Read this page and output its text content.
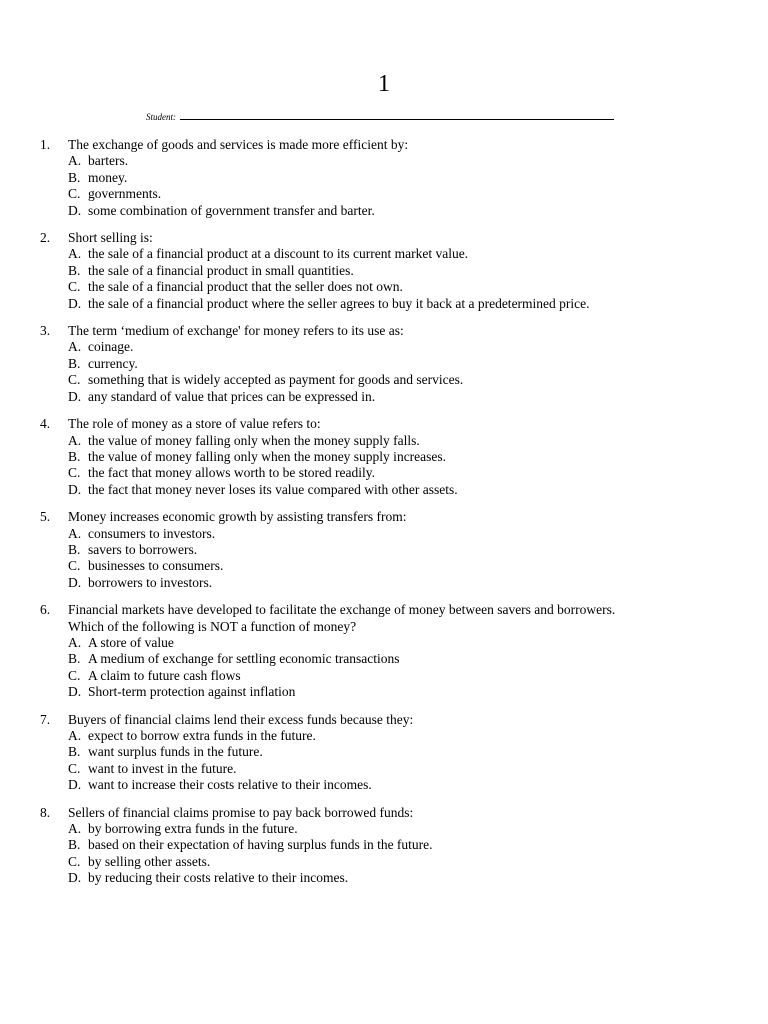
1
Student:
1.	The exchange of goods and services is made more efficient by:
A. barters.
B. money.
C. governments.
D. some combination of government transfer and barter.
2.	Short selling is:
A. the sale of a financial product at a discount to its current market value.
B. the sale of a financial product in small quantities.
C. the sale of a financial product that the seller does not own.
D. the sale of a financial product where the seller agrees to buy it back at a predetermined price.
3.	The term ‘medium of exchange' for money refers to its use as:
A. coinage.
B. currency.
C. something that is widely accepted as payment for goods and services.
D. any standard of value that prices can be expressed in.
4.	The role of money as a store of value refers to:
A. the value of money falling only when the money supply falls.
B. the value of money falling only when the money supply increases.
C. the fact that money allows worth to be stored readily.
D. the fact that money never loses its value compared with other assets.
5.	Money increases economic growth by assisting transfers from:
A. consumers to investors.
B. savers to borrowers.
C. businesses to consumers.
D. borrowers to investors.
6.	Financial markets have developed to facilitate the exchange of money between savers and borrowers.
Which of the following is NOT a function of money?
A. A store of value
B. A medium of exchange for settling economic transactions
C. A claim to future cash flows
D. Short-term protection against inflation
7.	Buyers of financial claims lend their excess funds because they:
A. expect to borrow extra funds in the future.
B. want surplus funds in the future.
C. want to invest in the future.
D. want to increase their costs relative to their incomes.
8.	Sellers of financial claims promise to pay back borrowed funds:
A. by borrowing extra funds in the future.
B. based on their expectation of having surplus funds in the future.
C. by selling other assets.
D. by reducing their costs relative to their incomes.
